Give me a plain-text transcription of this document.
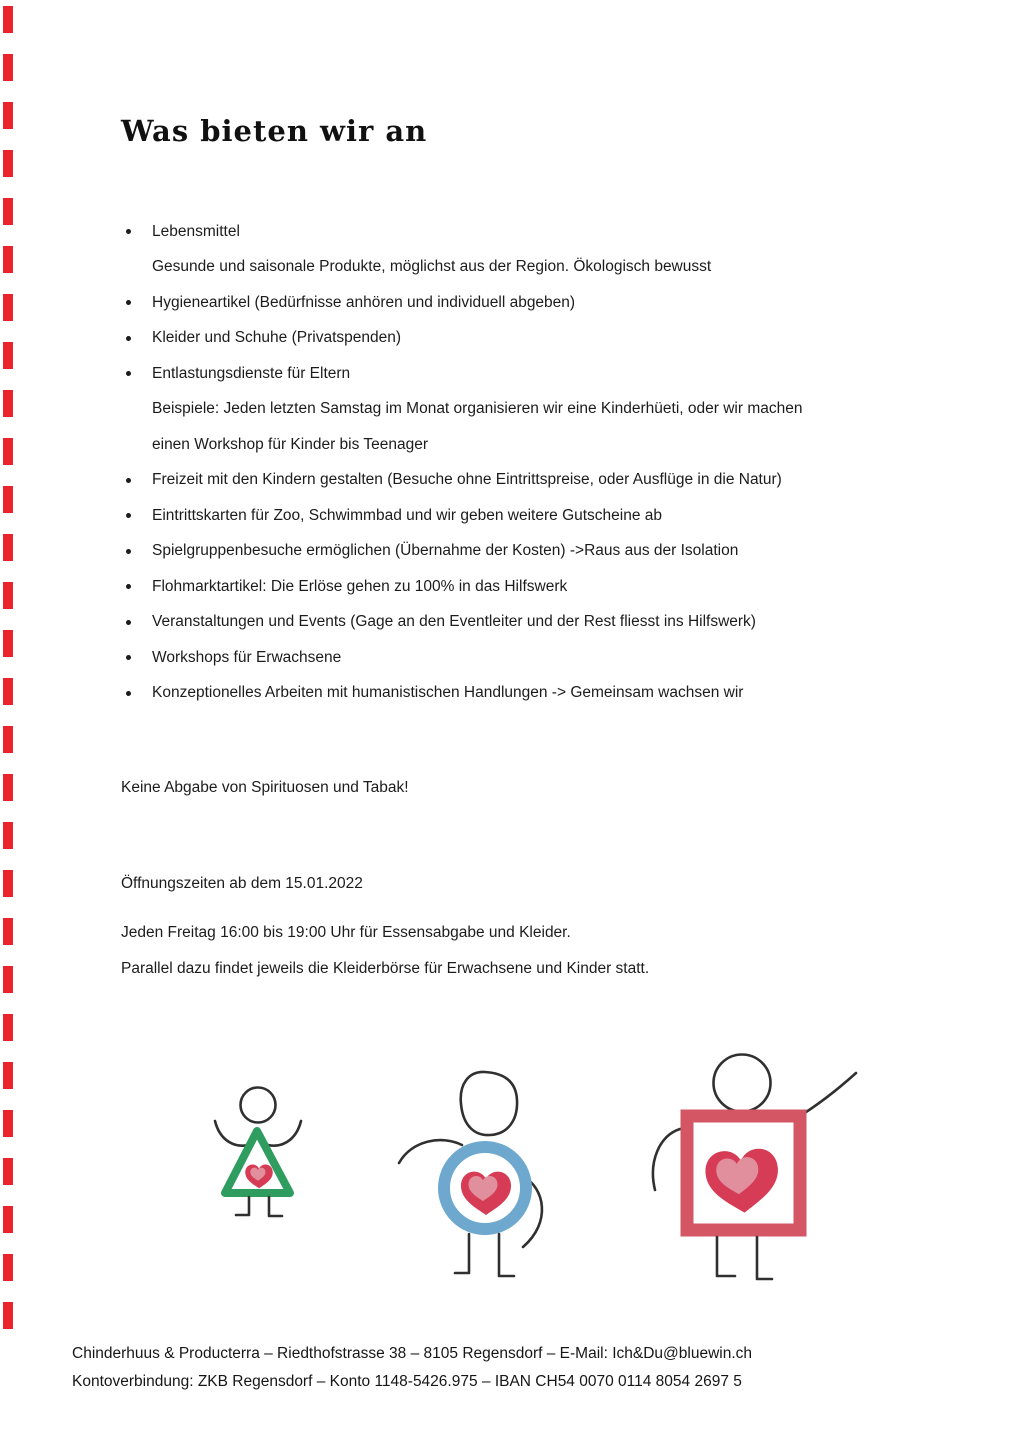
Was bieten wir an
Lebensmittel
Gesunde und saisonale Produkte, möglichst aus der Region. Ökologisch bewusst
Hygieneartikel (Bedürfnisse anhören und individuell abgeben)
Kleider und Schuhe (Privatspenden)
Entlastungsdienste für Eltern
Beispiele: Jeden letzten Samstag im Monat organisieren wir eine Kinderhüeti, oder wir machen
einen Workshop für Kinder bis Teenager
Freizeit mit den Kindern gestalten (Besuche ohne Eintrittspreise, oder Ausflüge in die Natur)
Eintrittskarten für Zoo, Schwimmbad und wir geben weitere Gutscheine ab
Spielgruppenbesuche ermöglichen (Übernahme der Kosten) ->Raus aus der Isolation
Flohmarktartikel: Die Erlöse gehen zu 100% in das Hilfswerk
Veranstaltungen und Events (Gage an den Eventleiter und der Rest fliesst ins Hilfswerk)
Workshops für Erwachsene
Konzeptionelles Arbeiten mit humanistischen Handlungen -> Gemeinsam wachsen wir
Keine Abgabe von Spirituosen und Tabak!
Öffnungszeiten ab dem 15.01.2022
Jeden Freitag 16:00 bis 19:00 Uhr für Essensabgabe und Kleider.
Parallel dazu findet jeweils die Kleiderbörse für Erwachsene und Kinder statt.
Chinderhuus & Producterra – Riedthofstrasse 38 – 8105 Regensdorf – E-Mail: Ich&Du@bluewin.ch
Kontoverbindung: ZKB Regensdorf – Konto 1148-5426.975 – IBAN CH54 0070 0114 8054 2697 5
